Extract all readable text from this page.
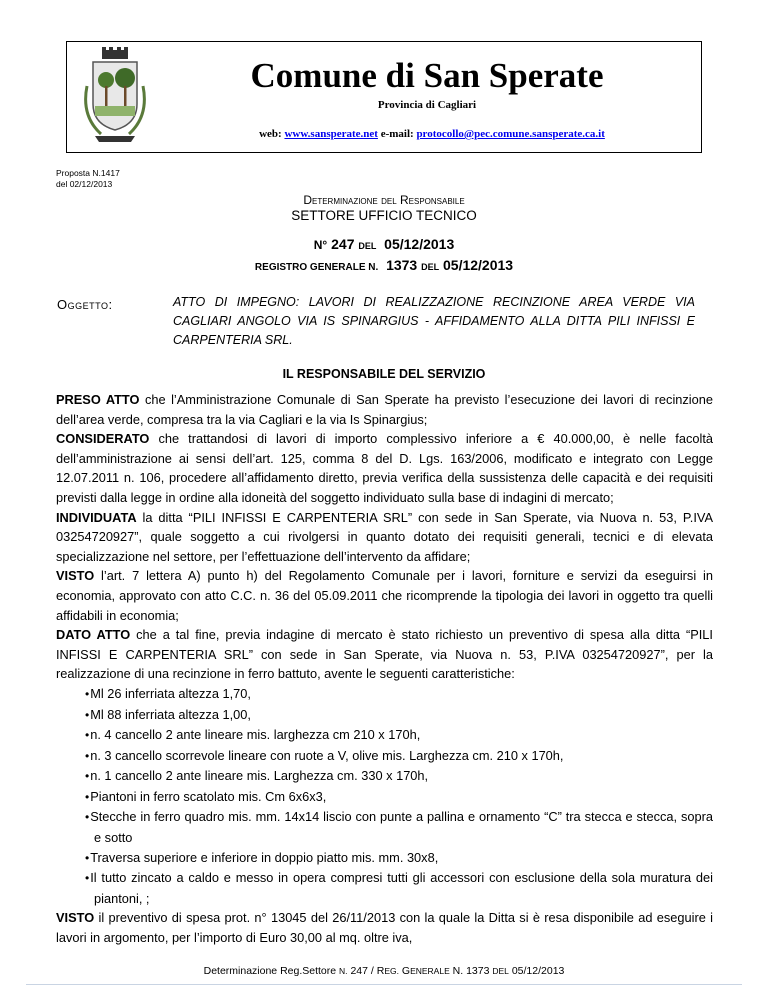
Comune di San Sperate
Provincia di Cagliari
web: www.sansperate.net e-mail: protocollo@pec.comune.sansperate.ca.it
Proposta N.1417
del 02/12/2013
Determinazione del Responsabile
SETTORE UFFICIO TECNICO
N° 247 DEL 05/12/2013
REGISTRO GENERALE N. 1373 DEL 05/12/2013
Oggetto:	ATTO DI IMPEGNO: LAVORI DI REALIZZAZIONE RECINZIONE AREA VERDE VIA CAGLIARI ANGOLO VIA IS SPINARGIUS - AFFIDAMENTO ALLA DITTA PILI INFISSI E CARPENTERIA SRL.
IL RESPONSABILE DEL SERVIZIO

PRESO ATTO che l’Amministrazione Comunale di San Sperate ha previsto l’esecuzione dei lavori di recinzione dell’area verde, compresa tra la via Cagliari e la via Is Spinargius;

CONSIDERATO che trattandosi di lavori di importo complessivo inferiore a € 40.000,00, è nelle facoltà dell’amministrazione ai sensi dell’art. 125, comma 8 del D. Lgs. 163/2006, modificato e integrato con Legge 12.07.2011 n. 106, procedere all’affidamento diretto, previa verifica della sussistenza delle capacità e dei requisiti previsti dalla legge in ordine alla idoneità del soggetto individuato sulla base di indagini di mercato;

INDIVIDUATA la ditta “PILI INFISSI E CARPENTERIA SRL” con sede in San Sperate, via Nuova n. 53, P.IVA 03254720927”, quale soggetto a cui rivolgersi in quanto dotato dei requisiti generali, tecnici e di elevata specializzazione nel settore, per l’effettuazione dell’intervento da affidare;

VISTO l’art. 7 lettera A) punto h) del Regolamento Comunale per i lavori, forniture e servizi da eseguirsi in economia, approvato con atto C.C. n. 36 del 05.09.2011 che ricomprende la tipologia dei lavori in oggetto tra quelli affidabili in economia;

DATO ATTO che a tal fine, previa indagine di mercato è stato richiesto un preventivo di spesa alla ditta “PILI INFISSI E CARPENTERIA SRL” con sede in San Sperate, via Nuova n. 53, P.IVA 03254720927”, per la realizzazione di una recinzione in ferro battuto, avente le seguenti caratteristiche:

• Ml 26 inferriata altezza 1,70,
• Ml 88 inferriata altezza 1,00,
• n. 4 cancello 2 ante lineare mis. larghezza cm 210 x 170h,
• n. 3 cancello scorrevole lineare con ruote a V, olive mis. Larghezza cm. 210 x 170h,
• n. 1 cancello 2 ante lineare mis. Larghezza cm. 330 x 170h,
• Piantoni in ferro scatolato mis. Cm 6x6x3,
• Stecche in ferro quadro mis. mm. 14x14 liscio con punte a pallina e ornamento “C” tra stecca e stecca, sopra e sotto
• Traversa superiore e inferiore in doppio piatto mis. mm. 30x8,
• Il tutto zincato a caldo e messo in opera compresi tutti gli accessori con esclusione della sola muratura dei piantoni, ;

VISTO il preventivo di spesa prot. n° 13045 del 26/11/2013 con la quale la Ditta si è resa disponibile ad eseguire i lavori in argomento, per l’importo di Euro 30,00 al mq. oltre iva,

Determinazione Reg.Settore N. 247 / REG. GENERALE N. 1373 DEL 05/12/2013
